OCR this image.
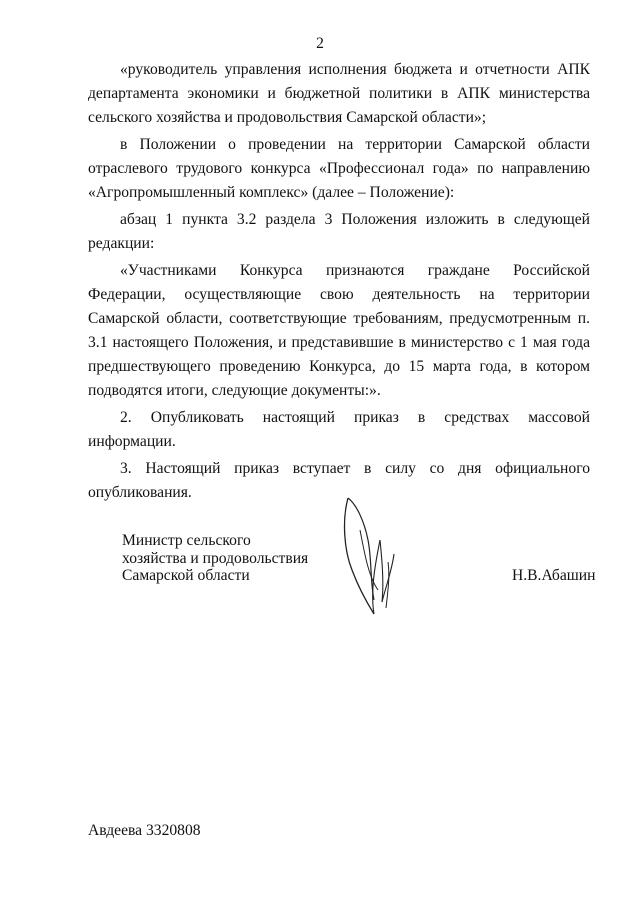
2

«руководитель управления исполнения бюджета и отчетности АПК департамента экономики и бюджетной политики в АПК министерства сельского хозяйства и продовольствия Самарской области»;

в Положении о проведении на территории Самарской области отраслевого трудового конкурса «Профессионал года» по направлению «Агропромышленный комплекс» (далее – Положение):

абзац 1 пункта 3.2 раздела 3 Положения изложить в следующей редакции:

«Участниками Конкурса признаются граждане Российской Федерации, осуществляющие свою деятельность на территории Самарской области, соответствующие требованиям, предусмотренным п. 3.1 настоящего Положения, и представившие в министерство с 1 мая года предшествующего проведению Конкурса, до 15 марта года, в котором подводятся итоги, следующие документы:».

2. Опубликовать настоящий приказ в средствах массовой информации.

3. Настоящий приказ вступает в силу со дня официального опубликования.

Министр сельского
хозяйства и продовольствия
Самарской области	Н.В.Абашин
Авдеева 3320808
